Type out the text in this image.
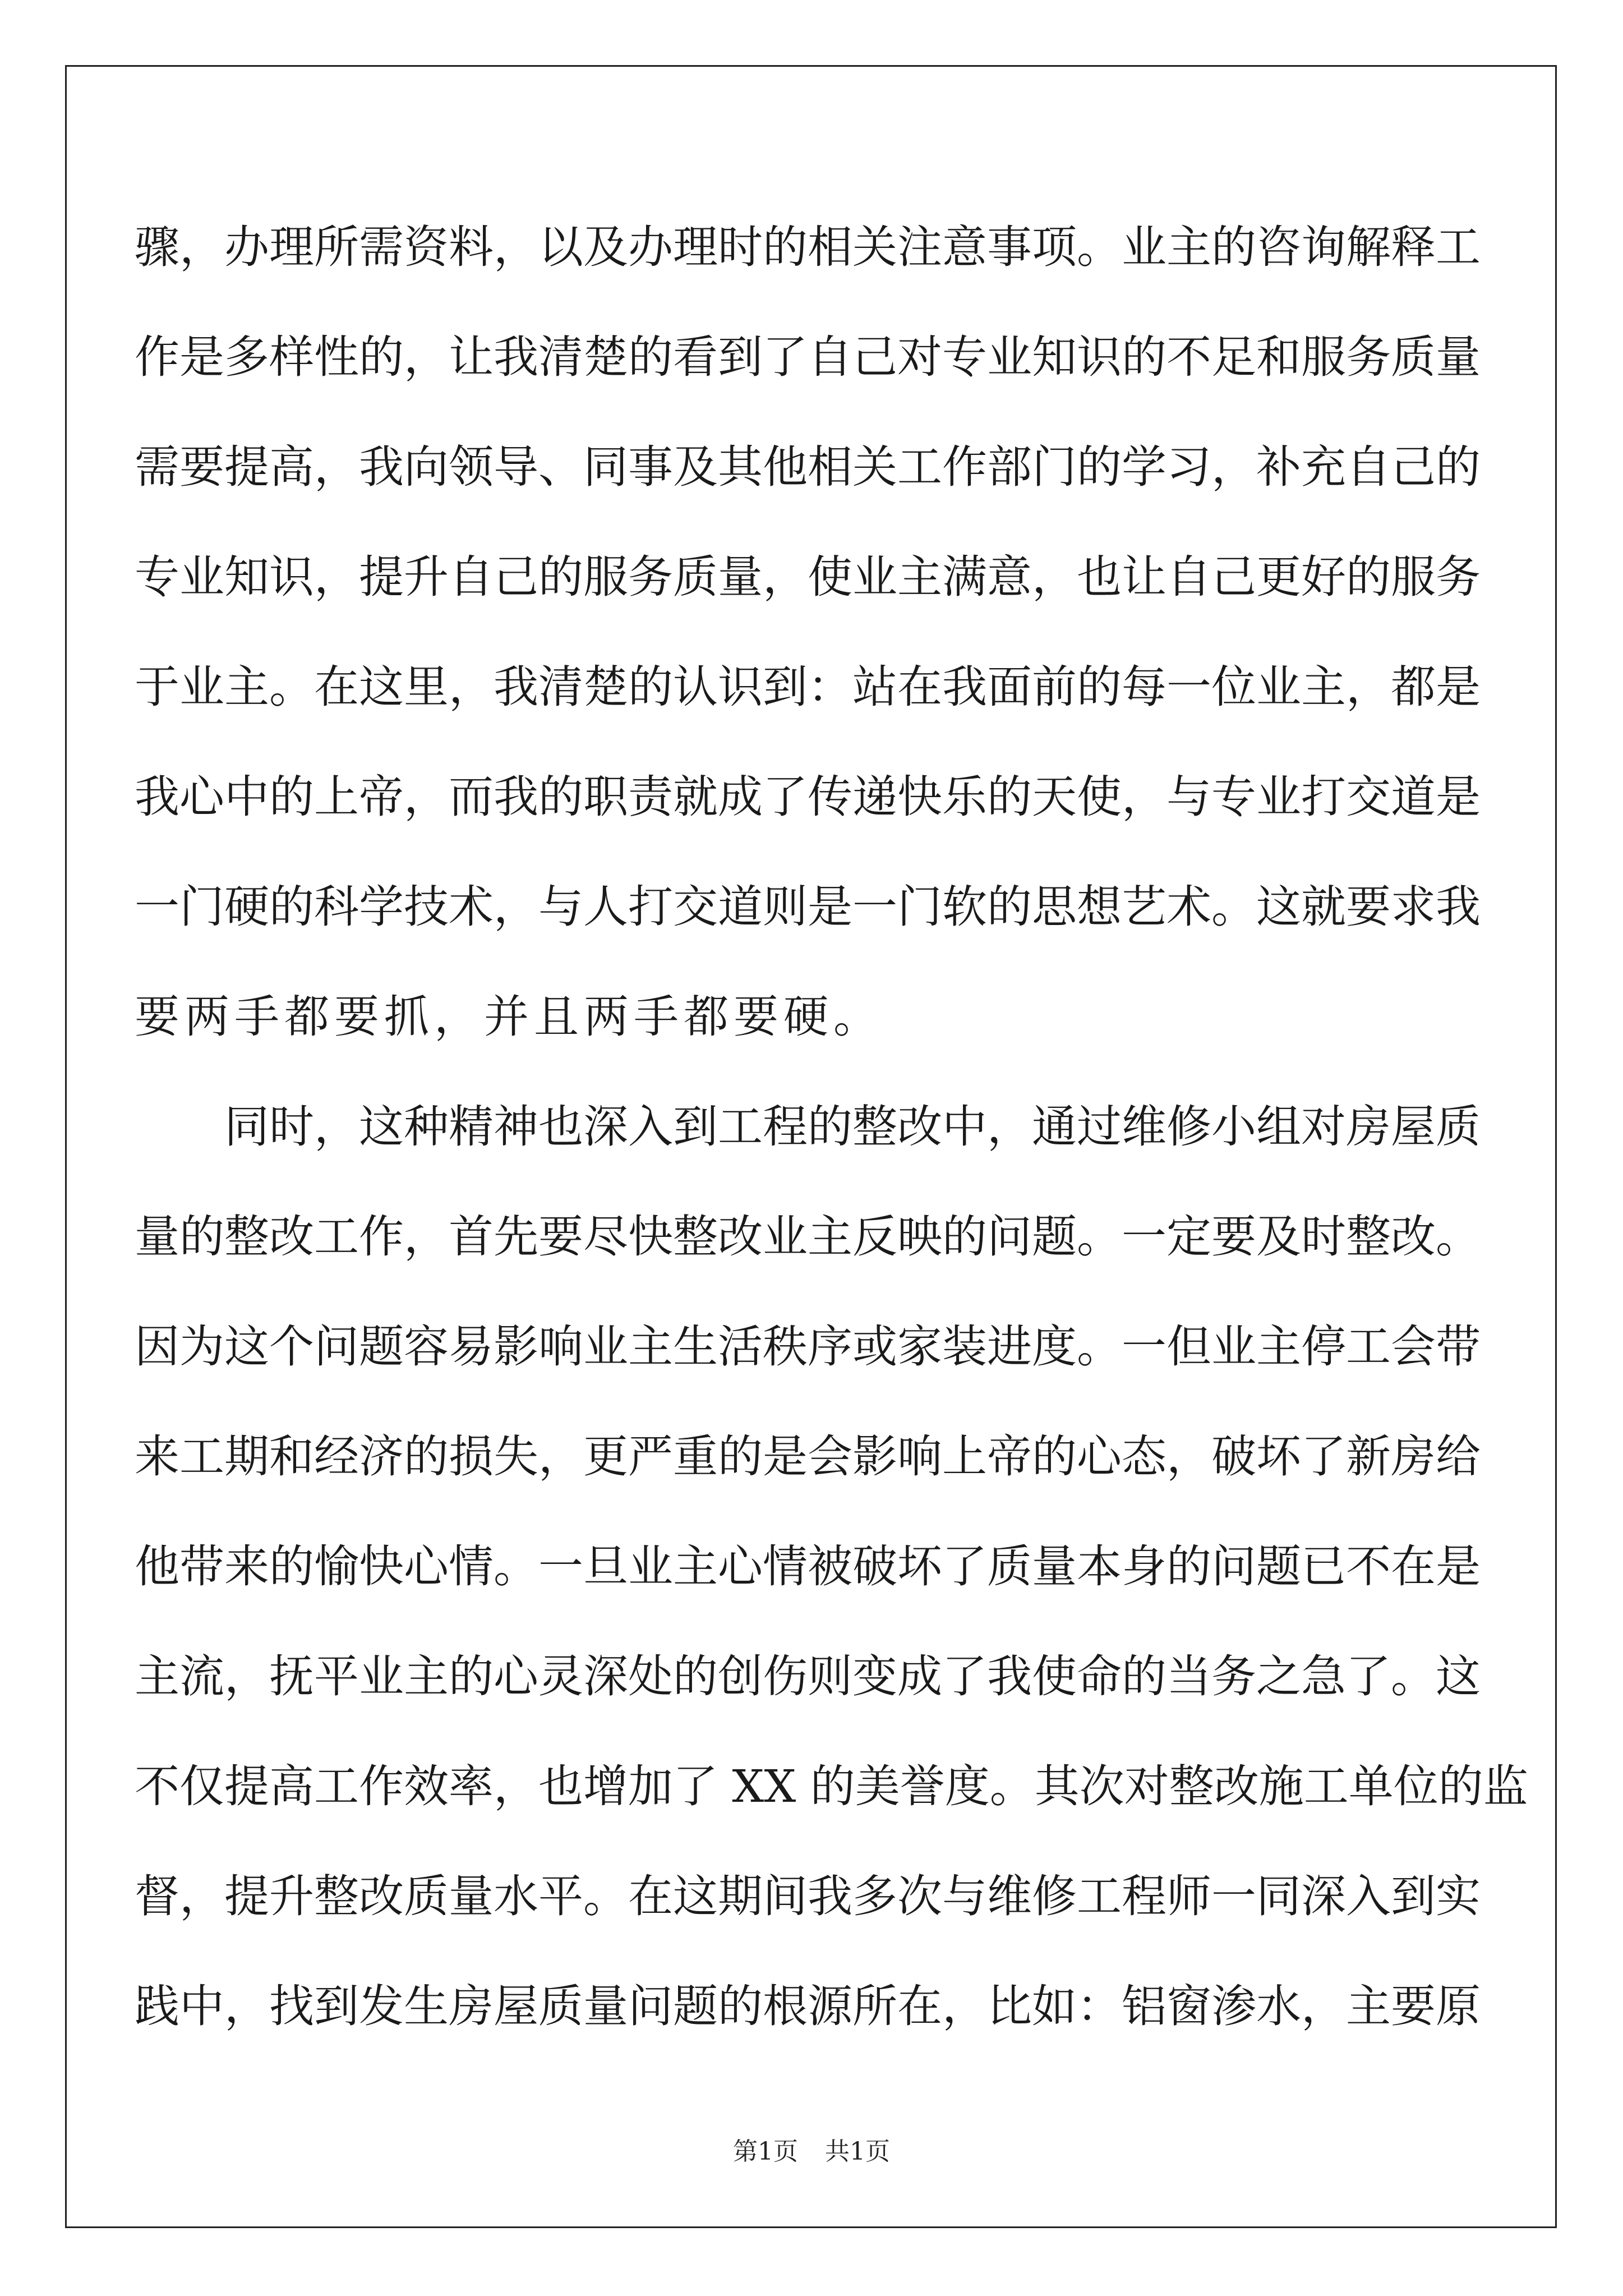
骤，办理所需资料，以及办理时的相关注意事项。业主的咨询解释工
作是多样性的，让我清楚的看到了自己对专业知识的不足和服务质量
需要提高，我向领导、同事及其他相关工作部门的学习，补充自己的
专业知识，提升自己的服务质量，使业主满意，也让自己更好的服务
于业主。在这里，我清楚的认识到：站在我面前的每一位业主，都是
我心中的上帝，而我的职责就成了传递快乐的天使，与专业打交道是
一门硬的科学技术，与人打交道则是一门软的思想艺术。这就要求我
要两手都要抓，并且两手都要硬。
同时，这种精神也深入到工程的整改中，通过维修小组对房屋质
量的整改工作，首先要尽快整改业主反映的问题。一定要及时整改。
因为这个问题容易影响业主生活秩序或家装进度。一但业主停工会带
来工期和经济的损失，更严重的是会影响上帝的心态，破坏了新房给
他带来的愉快心情。一旦业主心情被破坏了质量本身的问题已不在是
主流，抚平业主的心灵深处的创伤则变成了我使命的当务之急了。这
不仅提高工作效率，也增加了 XX 的美誉度。其次对整改施工单位的监
督，提升整改质量水平。在这期间我多次与维修工程师一同深入到实
践中，找到发生房屋质量问题的根源所在，比如：铝窗渗水，主要原
第1页 共1页
